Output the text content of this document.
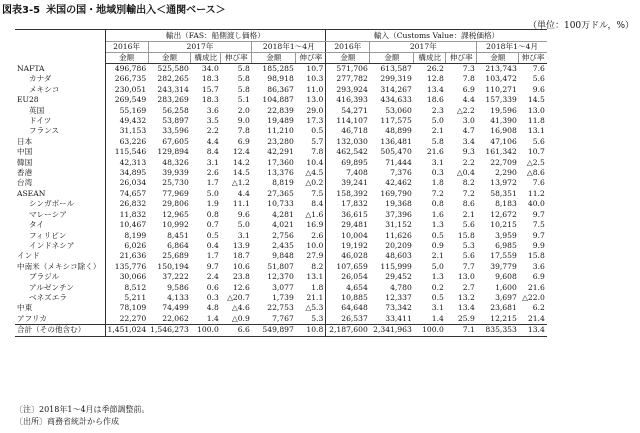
図表3-5 米国の国・地域別輸出入＜通関ベース＞
（単位：100万ドル，%）
	輸出（FAS：船側渡し価格）						輸入（Customs Value：課税価格）					
	2016年	2017年			2018年1～4月		2016年	2017年			2018年1～4月	
	金額	金額	構成比	伸び率	金額	伸び率	金額	金額	構成比	伸び率	金額	伸び率
NAFTA	496,786	525,580	34.0	5.8	185,285	10.7	571,706	613,587	26.2	7.3	213,743	7.6
カナダ	266,735	282,265	18.3	5.8	98,918	10.3	277,782	299,319	12.8	7.8	103,472	5.6
メキシコ	230,051	243,314	15.7	5.8	86,367	11.0	293,924	314,267	13.4	6.9	110,271	9.6
EU28	269,549	283,269	18.3	5.1	104,887	13.0	416,393	434,633	18.6	4.4	157,339	14.5
英国	55,169	56,258	3.6	2.0	22,839	29.0	54,271	53,060	2.3	△2.2	19,596	13.0
ドイツ	49,432	53,897	3.5	9.0	19,489	17.3	114,107	117,575	5.0	3.0	41,390	11.8
フランス	31,153	33,596	2.2	7.8	11,210	0.5	46,718	48,899	2.1	4.7	16,908	13.1
日本	63,226	67,605	4.4	6.9	23,280	5.7	132,030	136,481	5.8	3.4	47,106	5.6
中国	115,546	129,894	8.4	12.4	42,291	7.8	462,542	505,470	21.6	9.3	161,342	10.7
韓国	42,313	48,326	3.1	14.2	17,360	10.4	69,895	71,444	3.1	2.2	22,709	△2.5
香港	34,895	39,939	2.6	14.5	13,376	△4.5	7,408	7,376	0.3	△0.4	2,290	△8.6
台湾	26,034	25,730	1.7	△1.2	8,819	△0.2	39,241	42,462	1.8	8.2	13,972	7.6
ASEAN	74,657	77,969	5.0	4.4	27,365	7.5	158,392	169,790	7.2	7.2	58,351	11.2
シンガポール	26,832	29,806	1.9	11.1	10,733	8.4	17,832	19,368	0.8	8.6	8,183	40.0
マレーシア	11,832	12,965	0.8	9.6	4,281	△1.6	36,615	37,396	1.6	2.1	12,672	9.7
タイ	10,467	10,992	0.7	5.0	4,021	16.9	29,481	31,152	1.3	5.6	10,215	7.5
フィリピン	8,199	8,451	0.5	3.1	2,756	2.6	10,004	11,626	0.5	15.8	3,959	9.7
インドネシア	6,026	6,864	0.4	13.9	2,435	10.0	19,192	20,209	0.9	5.3	6,985	9.9
インド	21,636	25,689	1.7	18.7	9,848	27.9	46,028	48,603	2.1	5.6	17,559	15.8
中南米（メキシコ除く）	135,776	150,194	9.7	10.6	51,807	8.2	107,659	115,999	5.0	7.7	39,779	3.6
ブラジル	30,066	37,222	2.4	23.8	12,370	13.1	26,054	29,452	1.3	13.0	9,608	6.9
アルゼンチン	8,512	9,586	0.6	12.6	3,077	1.8	4,654	4,780	0.2	2.7	1,600	21.6
ベネズエラ	5,211	4,133	0.3	△20.7	1,739	21.1	10,885	12,337	0.5	13.2	3,697	△22.0
中東	78,109	74,499	4.8	△4.6	22,753	△5.3	64,648	73,342	3.1	13.4	23,681	6.2
アフリカ	22,270	22,062	1.4	△0.9	7,767	5.3	26,537	33,411	1.4	25.9	12,215	21.4
合計（その他含む）	1,451,024	1,546,273	100.0	6.6	549,897	10.8	2,187,600	2,341,963	100.0	7.1	835,353	13.4
〔注〕2018年1～4月は季節調整前。
〔出所〕商務省統計から作成
